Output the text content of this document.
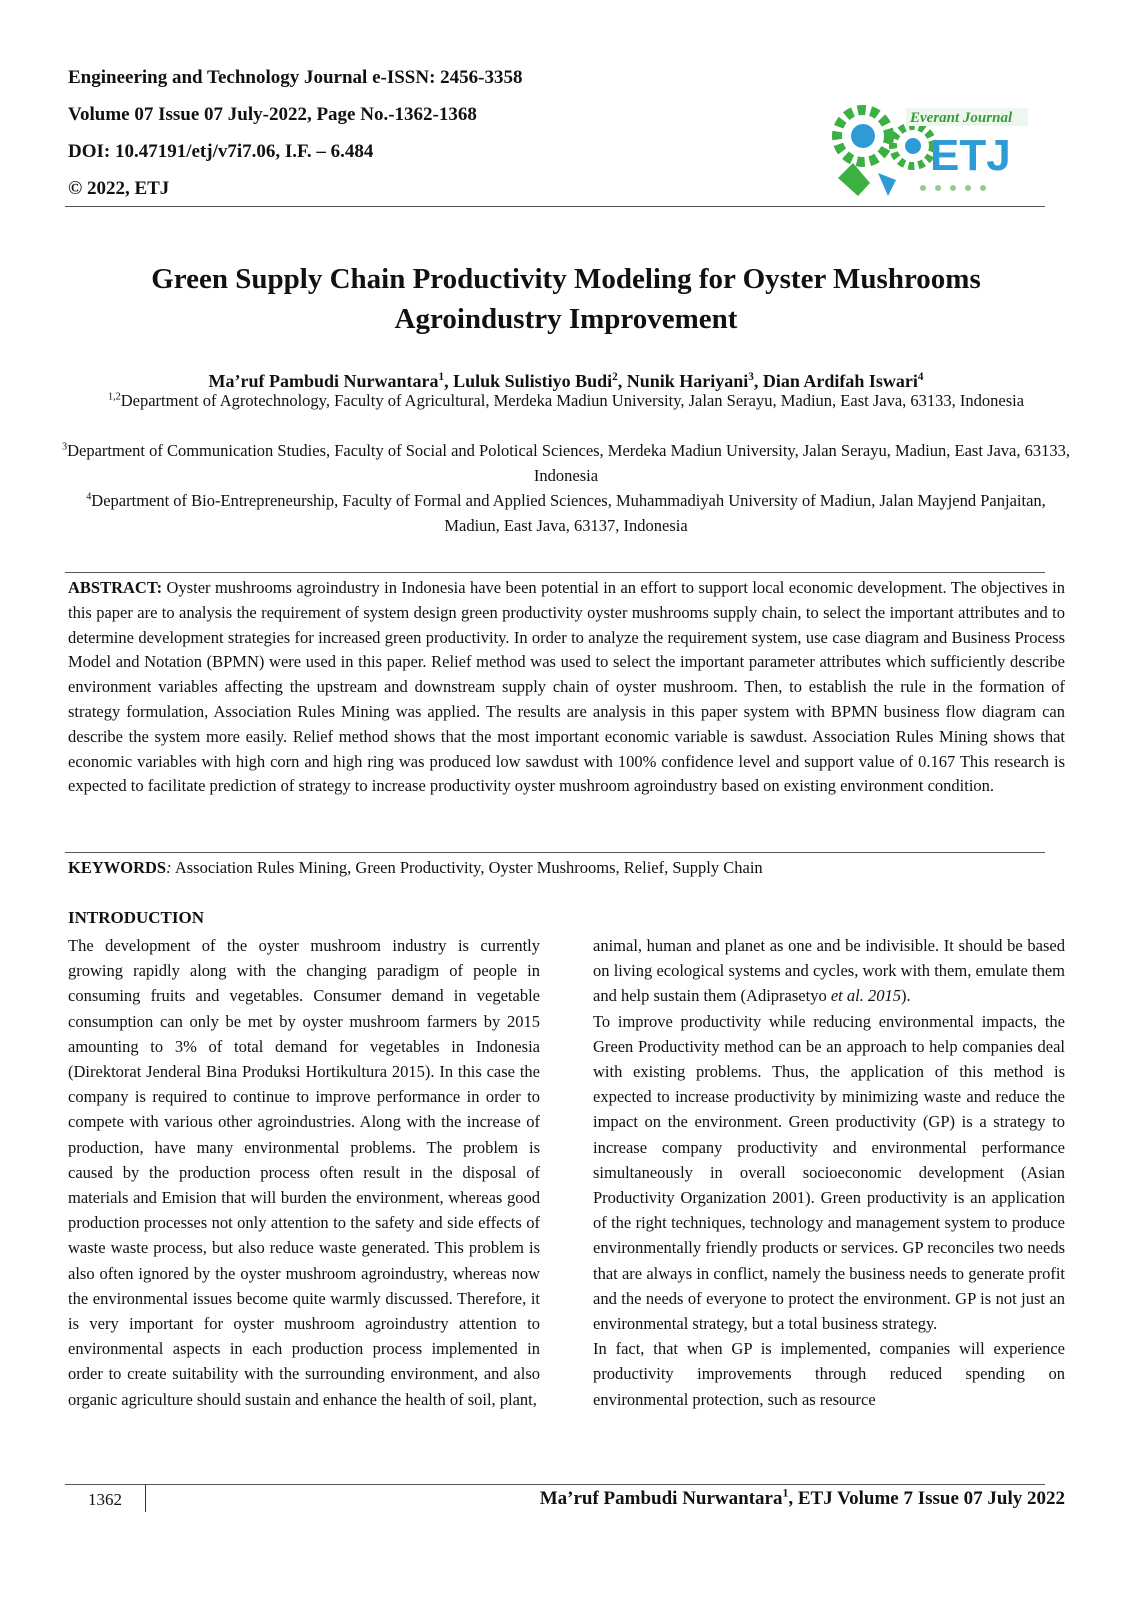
Engineering and Technology Journal e-ISSN: 2456-3358
Volume 07 Issue 07 July-2022, Page No.-1362-1368
DOI: 10.47191/etj/v7i7.06, I.F. – 6.484
© 2022, ETJ
Everant Journal
ETJ
Green Supply Chain Productivity Modeling for Oyster Mushrooms
Agroindustry Improvement
Ma’ruf Pambudi Nurwantara$^1$, Luluk Sulistiyo Budi$^2$, Nunik Hariyani$^3$, Dian Ardifah Iswari$^4$
$^{1,2}$Department of Agrotechnology, Faculty of Agricultural, Merdeka Madiun University, Jalan Serayu, Madiun, East Java, 63133, Indonesia
$^3$Department of Communication Studies, Faculty of Social and Polotical Sciences, Merdeka Madiun University, Jalan Serayu, Madiun, East Java, 63133, Indonesia
$^4$Department of Bio-Entrepreneurship, Faculty of Formal and Applied Sciences, Muhammadiyah University of Madiun, Jalan Mayjend Panjaitan, Madiun, East Java, 63137, Indonesia
ABSTRACT: Oyster mushrooms agroindustry in Indonesia have been potential in an effort to support local economic development. The objectives in this paper are to analysis the requirement of system design green productivity oyster mushrooms supply chain, to select the important attributes and to determine development strategies for increased green productivity. In order to analyze the requirement system, use case diagram and Business Process Model and Notation (BPMN) were used in this paper. Relief method was used to select the important parameter attributes which sufficiently describe environment variables affecting the upstream and downstream supply chain of oyster mushroom. Then, to establish the rule in the formation of strategy formulation, Association Rules Mining was applied. The results are analysis in this paper system with BPMN business flow diagram can describe the system more easily. Relief method shows that the most important economic variable is sawdust. Association Rules Mining shows that economic variables with high corn and high ring was produced low sawdust with 100% confidence level and support value of 0.167 This research is expected to facilitate prediction of strategy to increase productivity oyster mushroom agroindustry based on existing environment condition.
KEYWORDS: Association Rules Mining, Green Productivity, Oyster Mushrooms, Relief, Supply Chain
INTRODUCTION

The development of the oyster mushroom industry is currently growing rapidly along with the changing paradigm of people in consuming fruits and vegetables. Consumer demand in vegetable consumption can only be met by oyster mushroom farmers by 2015 amounting to 3% of total demand for vegetables in Indonesia (Direktorat Jenderal Bina Produksi Hortikultura 2015). In this case the company is required to continue to improve performance in order to compete with various other agroindustries. Along with the increase of production, have many environmental problems. The problem is caused by the production process often result in the disposal of materials and Emision that will burden the environment, whereas good production processes not only attention to the safety and side effects of waste waste process, but also reduce waste generated. This problem is also often ignored by the oyster mushroom agroindustry, whereas now the environmental issues become quite warmly discussed. Therefore, it is very important for oyster mushroom agroindustry attention to environmental aspects in each production process implemented in order to create suitability with the surrounding environment, and also organic agriculture should sustain and enhance the health of soil, plant,

animal, human and planet as one and be indivisible. It should be based on living ecological systems and cycles, work with them, emulate them and help sustain them (Adiprasetyo et al. 2015).

To improve productivity while reducing environmental impacts, the Green Productivity method can be an approach to help companies deal with existing problems. Thus, the application of this method is expected to increase productivity by minimizing waste and reduce the impact on the environment. Green productivity (GP) is a strategy to increase company productivity and environmental performance simultaneously in overall socioeconomic development (Asian Productivity Organization 2001). Green productivity is an application of the right techniques, technology and management system to produce environmentally friendly products or services. GP reconciles two needs that are always in conflict, namely the business needs to generate profit and the needs of everyone to protect the environment. GP is not just an environmental strategy, but a total business strategy.

In fact, that when GP is implemented, companies will experience productivity improvements through reduced spending on environmental protection, such as resource

1362	Ma’ruf Pambudi Nurwantara$^1$, ETJ Volume 7 Issue 07 July 2022
